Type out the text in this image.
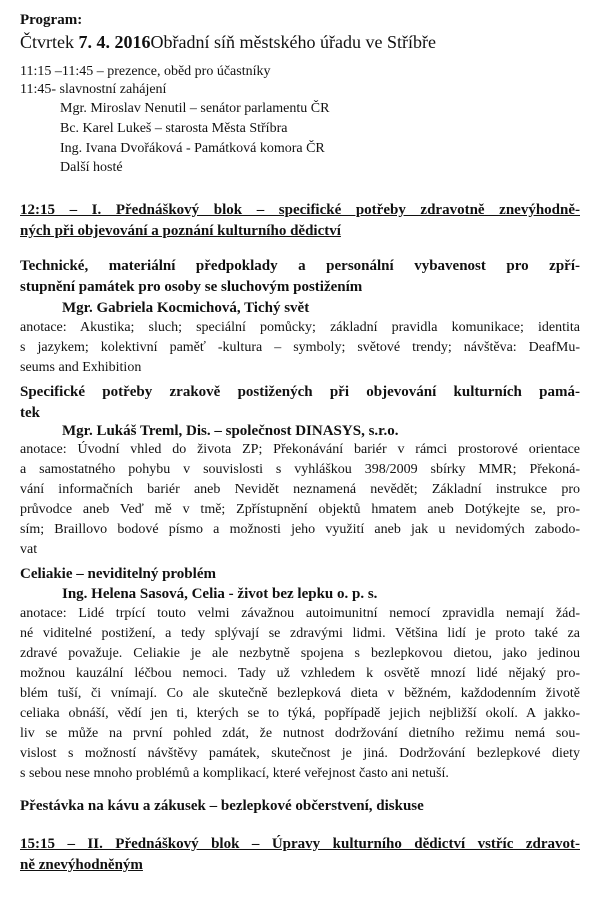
Program:
Čtvrtek 7. 4. 2016Obřadní síň městského úřadu ve Stříbře
11:15 –11:45 – prezence, oběd pro účastníky
11:45- slavnostní zahájení
Mgr. Miroslav Nenutil – senátor parlamentu ČR
Bc. Karel Lukeš – starosta Města Stříbra
Ing. Ivana Dvořáková - Památková komora ČR
Další hosté
12:15 – I. Přednáškový blok – specifické potřeby zdravotně znevýhodně-
ných při objevování a poznání kulturního dědictví
Technické, materiální předpoklady a personální vybavenost pro zpří-
stupnění památek pro osoby se sluchovým postižením
Mgr. Gabriela Kocmichová, Tichý svět
anotace: Akustika; sluch; speciální pomůcky; základní pravidla komunikace; identita
s jazykem; kolektivní paměť -kultura – symboly; světové trendy; návštěva: DeafMu-
seums and Exhibition
Specifické potřeby zrakově postižených při objevování kulturních pamá-
tek
Mgr. Lukáš Treml, Dis. – společnost DINASYS, s.r.o.
anotace: Úvodní vhled do života ZP; Překonávání bariér v rámci prostorové orientace
a samostatného pohybu v souvislosti s vyhláškou 398/2009 sbírky MMR; Překoná-
vání informačních bariér aneb Nevidět neznamená nevědět; Základní instrukce pro
průvodce aneb Veď mě v tmě; Zpřístupnění objektů hmatem aneb Dotýkejte se, pro-
sím; Braillovo bodové písmo a možnosti jeho využití aneb jak u nevidomých zabodo-
vat
Celiakie – neviditelný problém
Ing. Helena Sasová, Celia - život bez lepku o. p. s.
anotace: Lidé trpící touto velmi závažnou autoimunitní nemocí zpravidla nemají žád-
né viditelné postižení, a tedy splývají se zdravými lidmi. Většina lidí je proto také za
zdravé považuje. Celiakie je ale nezbytně spojena s bezlepkovou dietou, jako jedinou
možnou kauzální léčbou nemoci. Tady už vzhledem k osvětě mnozí lidé nějaký pro-
blém tuší, či vnímají. Co ale skutečně bezlepková dieta v běžném, každodenním životě
celiaka obnáší, vědí jen ti, kterých se to týká, popřípadě jejich nejbližší okolí. A jakko-
liv se může na první pohled zdát, že nutnost dodržování dietního režimu nemá sou-
vislost s možností návštěvy památek, skutečnost je jiná. Dodržování bezlepkové diety
s sebou nese mnoho problémů a komplikací, které veřejnost často ani netuší.
Přestávka na kávu a zákusek – bezlepkové občerstvení, diskuse
15:15 – II. Přednáškový blok – Úpravy kulturního dědictví vstříc zdravot-
ně znevýhodněným
